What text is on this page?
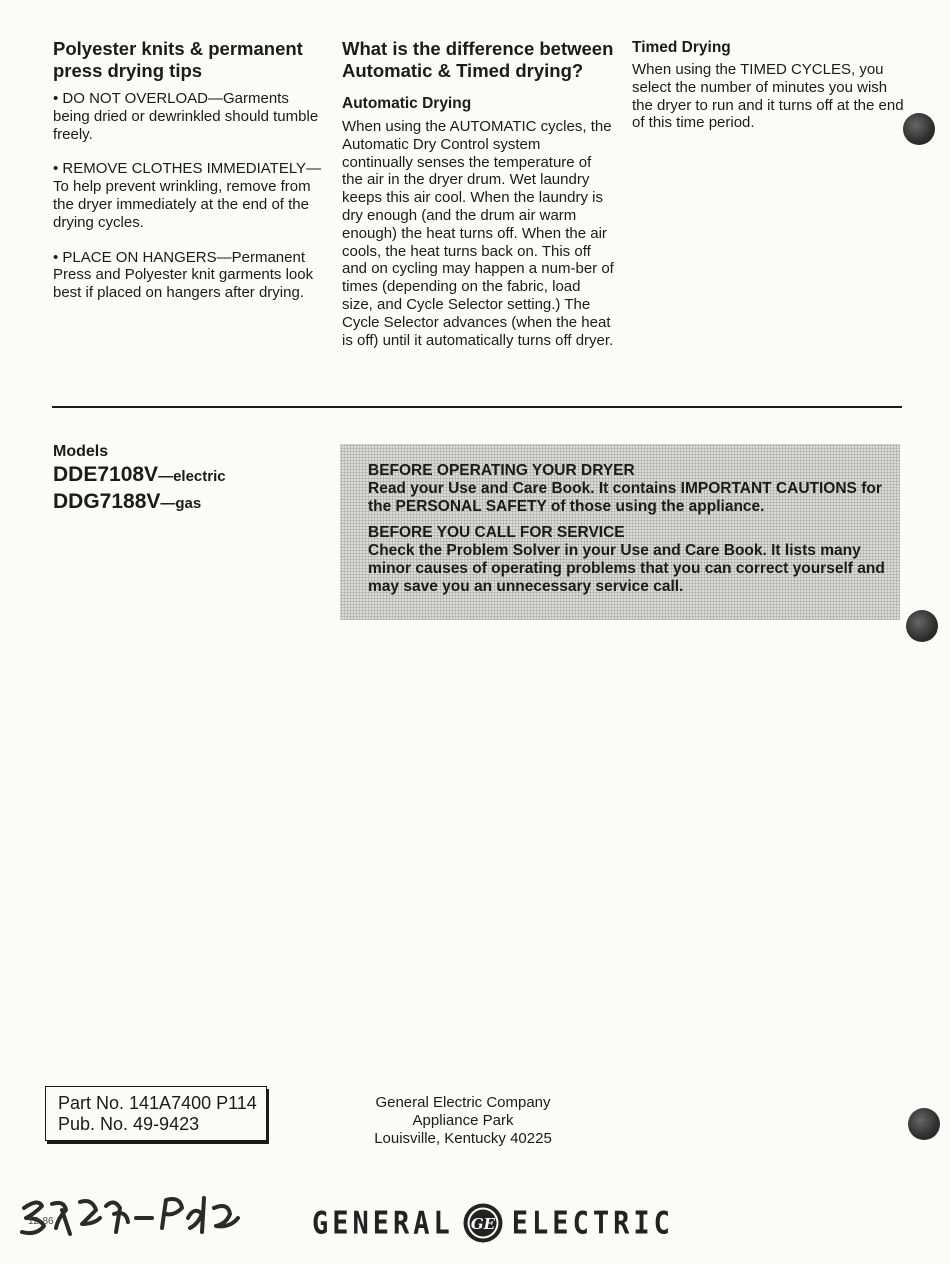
Polyester knits & permanent press drying tips

• DO NOT OVERLOAD—Garments being dried or dewrinkled should tumble freely.

• REMOVE CLOTHES IMMEDIATELY—To help prevent wrinkling, remove from the dryer immediately at the end of the drying cycles.

• PLACE ON HANGERS—Permanent Press and Polyester knit garments look best if placed on hangers after drying.

What is the difference between Automatic & Timed drying?
Automatic Drying

When using the AUTOMATIC cycles, the Automatic Dry Control system continually senses the temperature of the air in the dryer drum. Wet laundry keeps this air cool. When the laundry is dry enough (and the drum air warm enough) the heat turns off. When the air cools, the heat turns back on. This off and on cycling may happen a num-ber of times (depending on the fabric, load size, and Cycle Selector setting.) The Cycle Selector advances (when the heat is off) until it automatically turns off dryer.

Timed Drying

When using the TIMED CYCLES, you select the number of minutes you wish the dryer to run and it turns off at the end of this time period.

Models
DDE7108V—electric
DDG7188V—gas

BEFORE OPERATING YOUR DRYER

Read your Use and Care Book. It contains IMPORTANT CAUTIONS for the PERSONAL SAFETY of those using the appliance.

BEFORE YOU CALL FOR SERVICE

Check the Problem Solver in your Use and Care Book. It lists many minor causes of operating problems that you can correct yourself and may save you an unnecessary service call.

Part No. 141A7400 P114
Pub. No. 49-9423
General Electric Company
Appliance Park
Louisville, Kentucky 40225
GENERAL GE ELECTRIC
12-86
